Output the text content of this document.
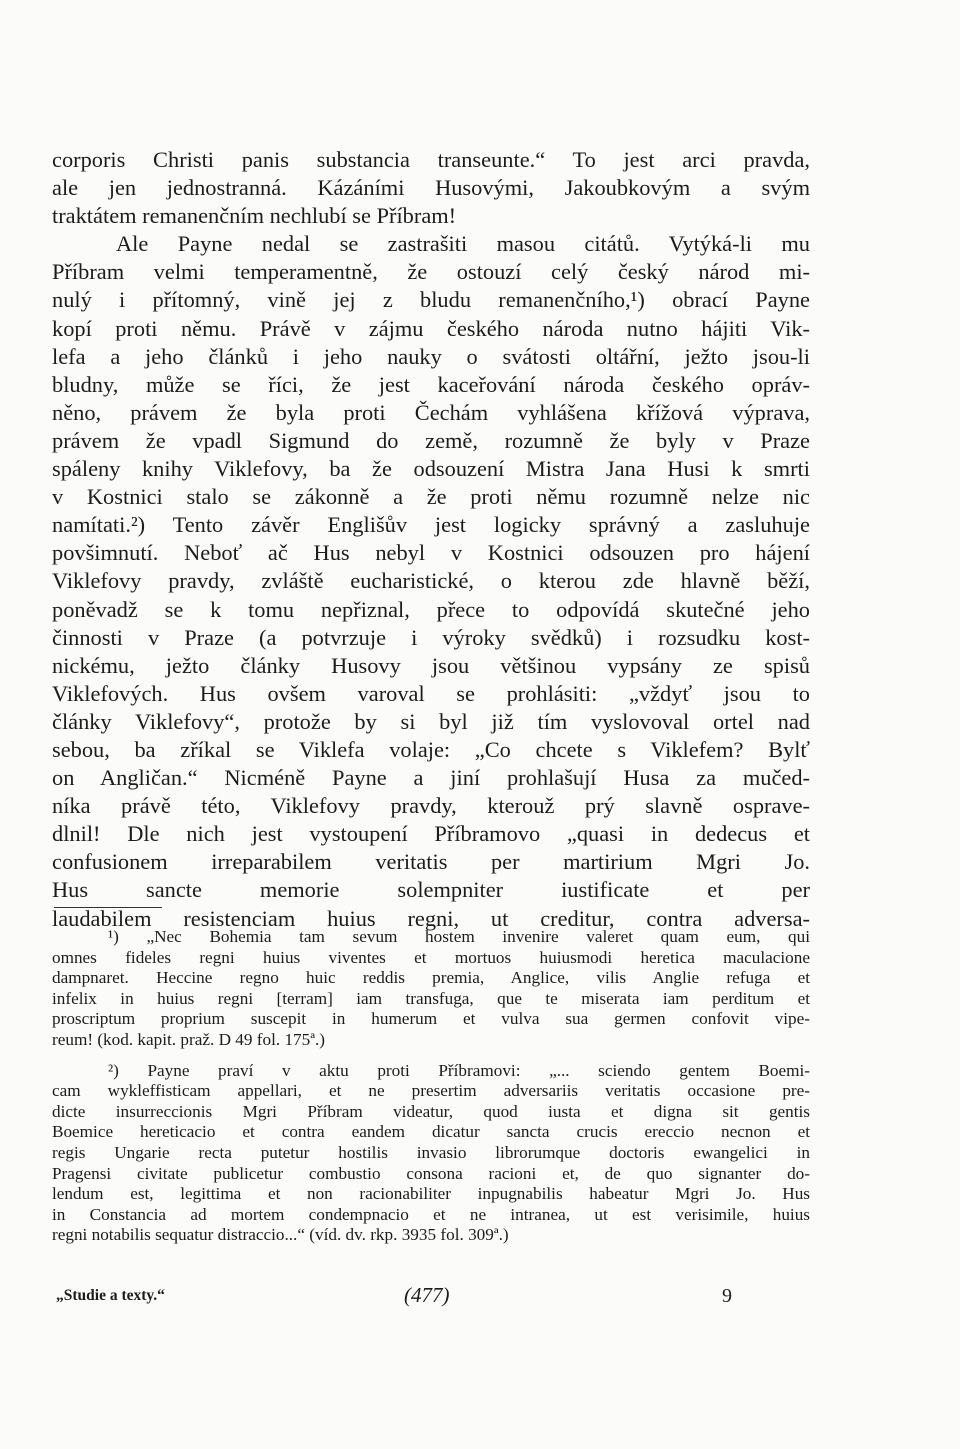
corporis Christi panis substancia transeunte.“ To jest arci pravda,
ale jen jednostranná. Kázáními Husovými, Jakoubkovým a svým
traktátem remanenčním nechlubí se Příbram!
Ale Payne nedal se zastrašiti masou citátů. Vytýká-li mu
Příbram velmi temperamentně, že ostouzí celý český národ mi-
nulý i přítomný, vině jej z bludu remanenčního,¹) obrací Payne
kopí proti němu. Právě v zájmu českého národa nutno hájiti Vik-
lefa a jeho článků i jeho nauky o svátosti oltářní, ježto jsou-li
bludny, může se říci, že jest kaceřování národa českého opráv-
něno, právem že byla proti Čechám vyhlášena křížová výprava,
právem že vpadl Sigmund do země, rozumně že byly v Praze
spáleny knihy Viklefovy, ba že odsouzení Mistra Jana Husi k smrti
v Kostnici stalo se zákonně a že proti němu rozumně nelze nic
namítati.²) Tento závěr Englišův jest logicky správný a zasluhuje
povšimnutí. Neboť ač Hus nebyl v Kostnici odsouzen pro hájení
Viklefovy pravdy, zvláště eucharistické, o kterou zde hlavně běží,
poněvadž se k tomu nepřiznal, přece to odpovídá skutečné jeho
činnosti v Praze (a potvrzuje i výroky svědků) i rozsudku kost-
nickému, ježto články Husovy jsou většinou vypsány ze spisů
Viklefových. Hus ovšem varoval se prohlásiti: „vždyť jsou to
články Viklefovy“, protože by si byl již tím vyslovoval ortel nad
sebou, ba zříkal se Viklefa volaje: „Co chcete s Viklefem? Bylť
on Angličan.“ Nicméně Payne a jiní prohlašují Husa za mučed-
níka právě této, Viklefovy pravdy, kterouž prý slavně osprave-
dlnil! Dle nich jest vystoupení Příbramovo „quasi in dedecus et
confusionem irreparabilem veritatis per martirium Mgri Jo.
Hus sancte memorie solempniter iustificate et per
laudabilem resistenciam huius regni, ut creditur, contra adversa-
¹) „Nec Bohemia tam sevum hostem invenire valeret quam eum, qui
omnes fideles regni huius viventes et mortuos huiusmodi heretica maculacione
dampnaret. Heccine regno huic reddis premia, Anglice, vilis Anglie refuga et
infelix in huius regni [terram] iam transfuga, que te miserata iam perditum et
proscriptum proprium suscepit in humerum et vulva sua germen confovit vipe-
reum! (kod. kapit. praž. D 49 fol. 175ª.)
²) Payne praví v aktu proti Příbramovi: „... sciendo gentem Boemi-
cam wykleffisticam appellari, et ne presertim adversariis veritatis occasione pre-
dicte insurreccionis Mgri Příbram videatur, quod iusta et digna sit gentis
Boemice hereticacio et contra eandem dicatur sancta crucis ereccio necnon et
regis Ungarie recta putetur hostilis invasio librorumque doctoris ewangelici in
Pragensi civitate publicetur combustio consona racioni et, de quo signanter do-
lendum est, legittima et non racionabiliter inpugnabilis habeatur Mgri Jo. Hus
in Constancia ad mortem condempnacio et ne intranea, ut est verisimile, huius
regni notabilis sequatur distraccio...“ (víd. dv. rkp. 3935 fol. 309ª.)
„Studie a texty.“	(477)	9
